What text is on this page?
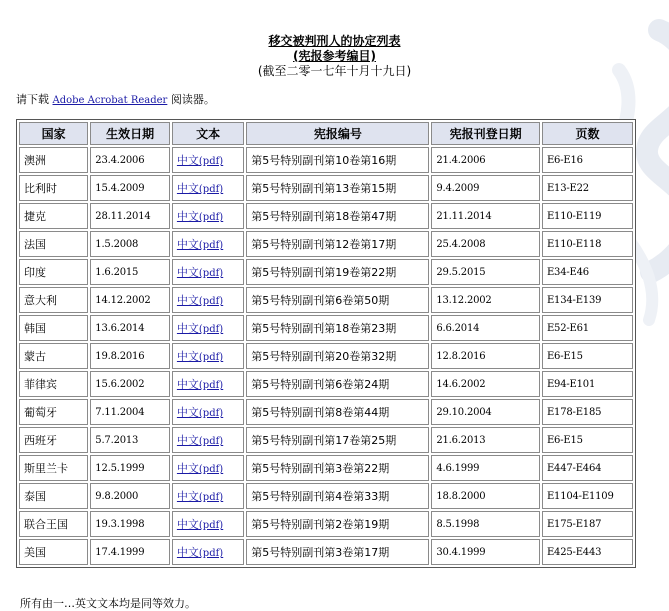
移交被判刑人的协定列表
(宪报参考编目)
(截至二零一七年十月十九日)
请下载 Adobe Acrobat Reader 阅读器。
国家	生效日期	文本	宪报编号	宪报刊登日期	页数
澳洲	23.4.2006	中文(pdf)	第5号特别副刊第10卷第16期	21.4.2006	E6-E16
比利时	15.4.2009	中文(pdf)	第5号特别副刊第13卷第15期	9.4.2009	E13-E22
捷克	28.11.2014	中文(pdf)	第5号特别副刊第18卷第47期	21.11.2014	E110-E119
法国	1.5.2008	中文(pdf)	第5号特别副刊第12卷第17期	25.4.2008	E110-E118
印度	1.6.2015	中文(pdf)	第5号特别副刊第19卷第22期	29.5.2015	E34-E46
意大利	14.12.2002	中文(pdf)	第5号特别副刊第6卷第50期	13.12.2002	E134-E139
韩国	13.6.2014	中文(pdf)	第5号特别副刊第18卷第23期	6.6.2014	E52-E61
蒙古	19.8.2016	中文(pdf)	第5号特别副刊第20卷第32期	12.8.2016	E6-E15
菲律宾	15.6.2002	中文(pdf)	第5号特别副刊第6卷第24期	14.6.2002	E94-E101
葡萄牙	7.11.2004	中文(pdf)	第5号特别副刊第8卷第44期	29.10.2004	E178-E185
西班牙	5.7.2013	中文(pdf)	第5号特别副刊第17卷第25期	21.6.2013	E6-E15
斯里兰卡	12.5.1999	中文(pdf)	第5号特别副刊第3卷第22期	4.6.1999	E447-E464
泰国	9.8.2000	中文(pdf)	第5号特别副刊第4卷第33期	18.8.2000	E1104-E1109
联合王国	19.3.1998	中文(pdf)	第5号特别副刊第2卷第19期	8.5.1998	E175-E187
美国	17.4.1999	中文(pdf)	第5号特别副刊第3卷第17期	30.4.1999	E425-E443
所有由一…英文文本均是同等效力。
